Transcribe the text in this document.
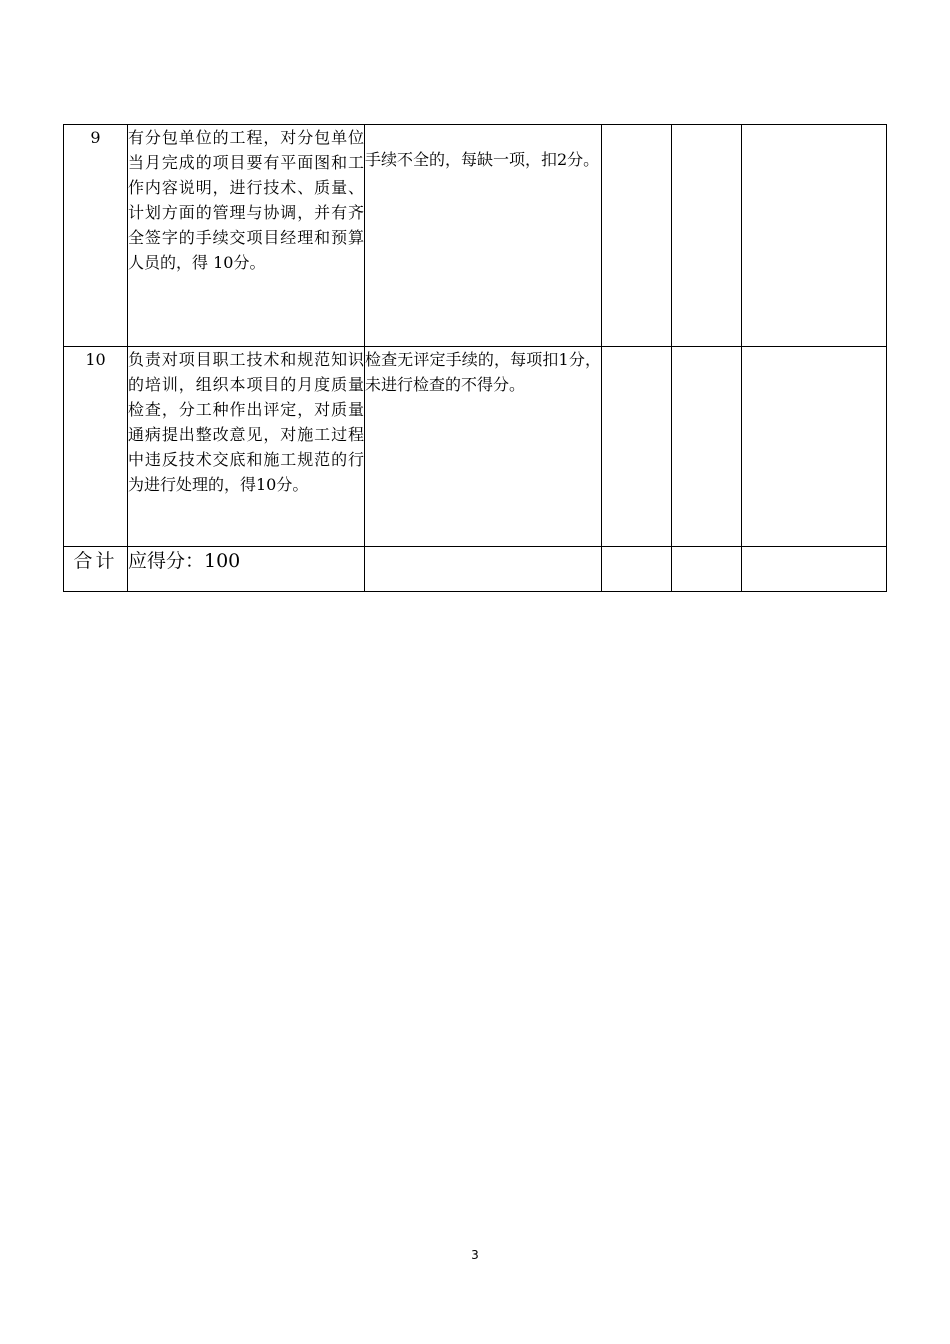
9	有分包单位的工程，对分包单位当月完成的项目要有平面图和工作内容说明，进行技术、质量、计划方面的管理与协调，并有齐全签字的手续交项目经理和预算人员的，得 10分。	手续不全的，每缺一项，扣2分。			
10	负责对项目职工技术和规范知识的培训，组织本项目的月度质量检查，分工种作出评定，对质量通病提出整改意见，对施工过程中违反技术交底和施工规范的行为进行处理的，得10分。	检查无评定手续的，每项扣1分，未进行检查的不得分。			
合计	应得分：100				
3
